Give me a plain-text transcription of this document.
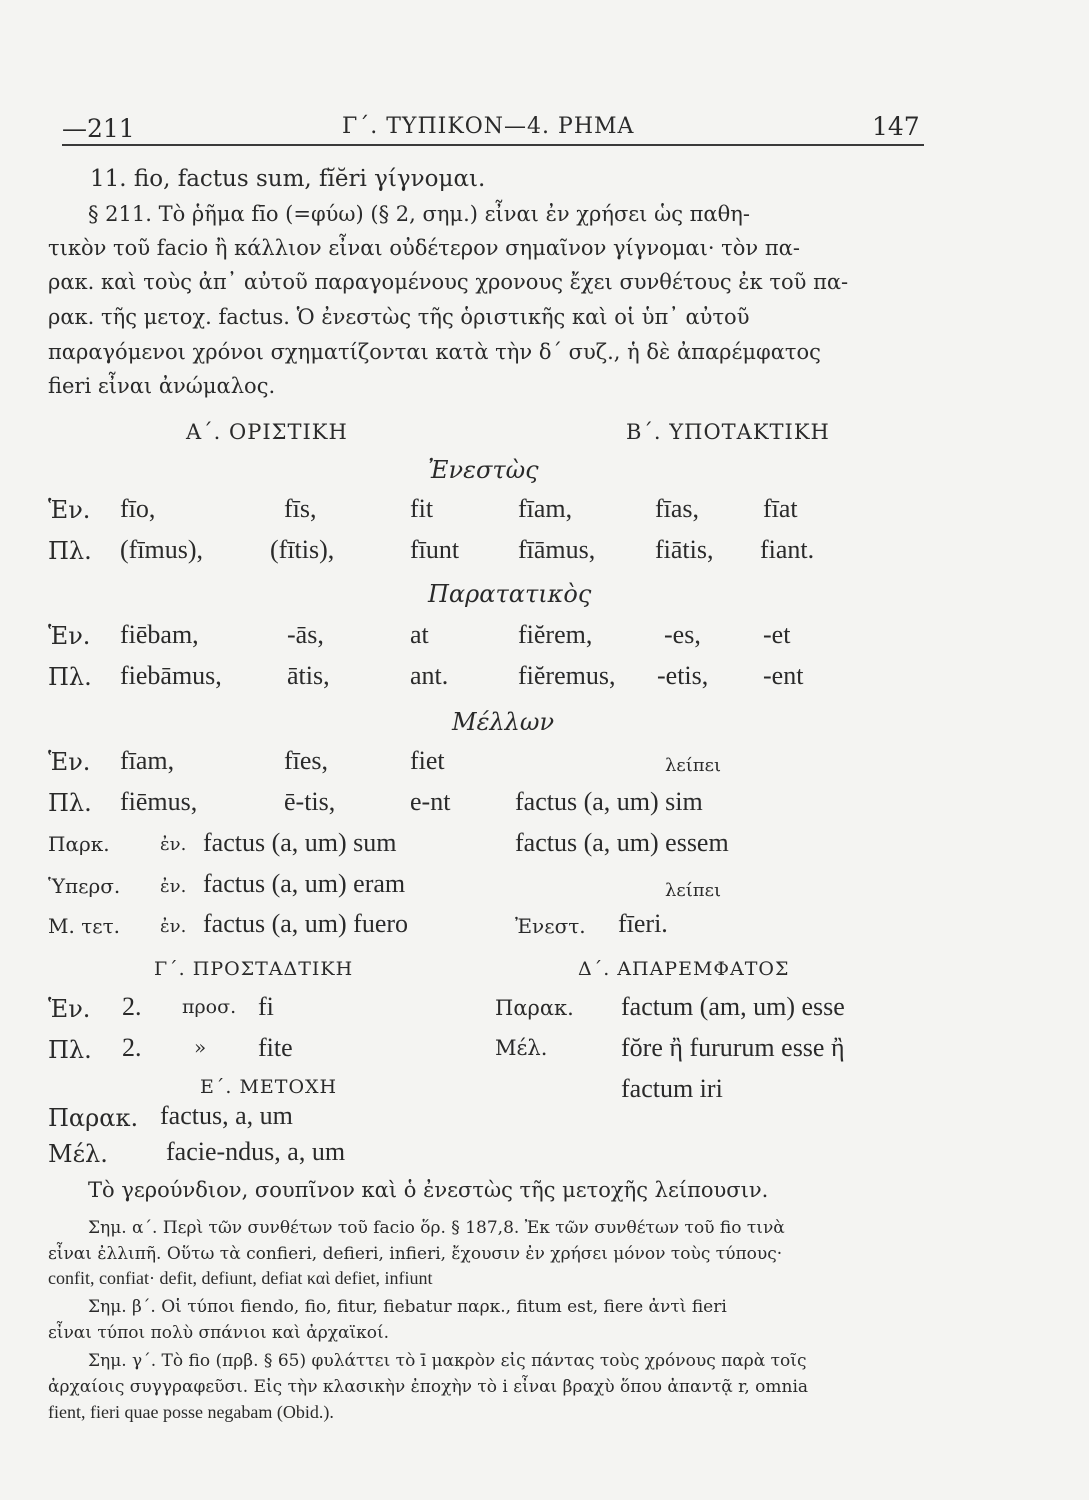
—211	Γ΄. ΤΥΠΙΚΟΝ—4. ΡΗΜΑ	147
11. fio, factus sum, fĭĕri γίγνομαι.
§ 211. Τὸ ῥῆμα fīo (=φύω) (§ 2, σημ.) εἶναι ἐν χρήσει ὡς παθη-
τικὸν τοῦ facio ἢ κάλλιον εἶναι οὐδέτερον σημαῖνον γίγνομαι· τὸν πα-
ρακ. καὶ τοὺς ἀπ᾽ αὐτοῦ παραγομένους χρονους ἔχει συνθέτους ἐκ τοῦ πα-
ρακ. τῆς μετοχ. factus. Ὁ ἐνεστὼς τῆς ὁριστικῆς καὶ οἱ ὑπ᾽ αὐτοῦ
παραγόμενοι χρόνοι σχηματίζονται κατὰ τὴν δ΄ συζ., ἡ δὲ ἀπαρέμφατος
fieri εἶναι ἀνώμαλος.
Α΄. ΟΡΙΣΤΙΚΗ	Β΄. ΥΠΟΤΑΚΤΙΚΗ
Ἐνεστὼς
Ἑν. fīo,	fīs,	fit	fīam,	fīas, fīat
Πλ. (fīmus),	(fītis),	fīunt fīāmus, fiātis, fiant.
Παρατατικὸς
Ἑν. fiēbam,	-ās,	at	fiĕrem,	-es, -et
Πλ. fiebāmus,	ātis,	ant.	fiĕremus, -etis, -ent
Μέλλων
Ἑν. fīam,	fīes,	fiet	λείπει
Πλ. fiēmus,	ē-tis,	e-nt factus (a, um) sim
Παρκ.	ἐν. factus (a, um) sum	factus (a, um) essem
Ὑπερσ. ἐν. factus (a, um) eram	λείπει
Μ. τετ. ἐν. factus (a, um) fuero	Ἐνεστ. fīeri.
Γ΄. ΠΡΟΣΤΑΔΤΙΚΗ	Δ΄. ΑΠΑΡΕΜΦΑΤΟΣ
Ἑν. 2. προσ. fi
Πλ. 2.	» fite
Παρακ. factum (am, um) esse
Μέλ.	fŏre ἢ fururum esse ἢ
factum iri
Ε΄. ΜΕΤΟΧΗ
Παρακ. factus, a, um
Μέλ. facie-ndus, a, um
Τὸ γερούνδιον, σουπῖνον καὶ ὁ ἐνεστὼς τῆς μετοχῆς λείπουσιν.
Σημ. α΄. Περὶ τῶν συνθέτων τοῦ facio ὅρ. § 187,8. Ἐκ τῶν συνθέτων τοῦ fio τινὰ
εἶναι ἐλλιπῆ. Οὕτω τὰ confieri, defieri, infieri, ἔχουσιν ἐν χρήσει μόνον τοὺς τύπους·
confit, confiat· defit, defiunt, defiat καὶ defiet, infiunt
Σημ. β΄. Οἱ τύποι fiendo, fio, fitur, fiebatur παρκ., fitum est, fiere ἀντὶ fieri
εἶναι τύποι πολὺ σπάνιοι καὶ ἀρχαϊκοί.
Σημ. γ΄. Τὸ fio (πρβ. § 65) φυλάττει τὸ ī μακρὸν εἰς πάντας τοὺς χρόνους παρὰ τοῖς
ἀρχαίοις συγγραφεῦσι. Εἰς τὴν κλασικὴν ἐποχὴν τὸ i εἶναι βραχὺ ὅπου ἀπαντᾷ r, omnia
fient, fieri quae posse negabam (Obid.).
